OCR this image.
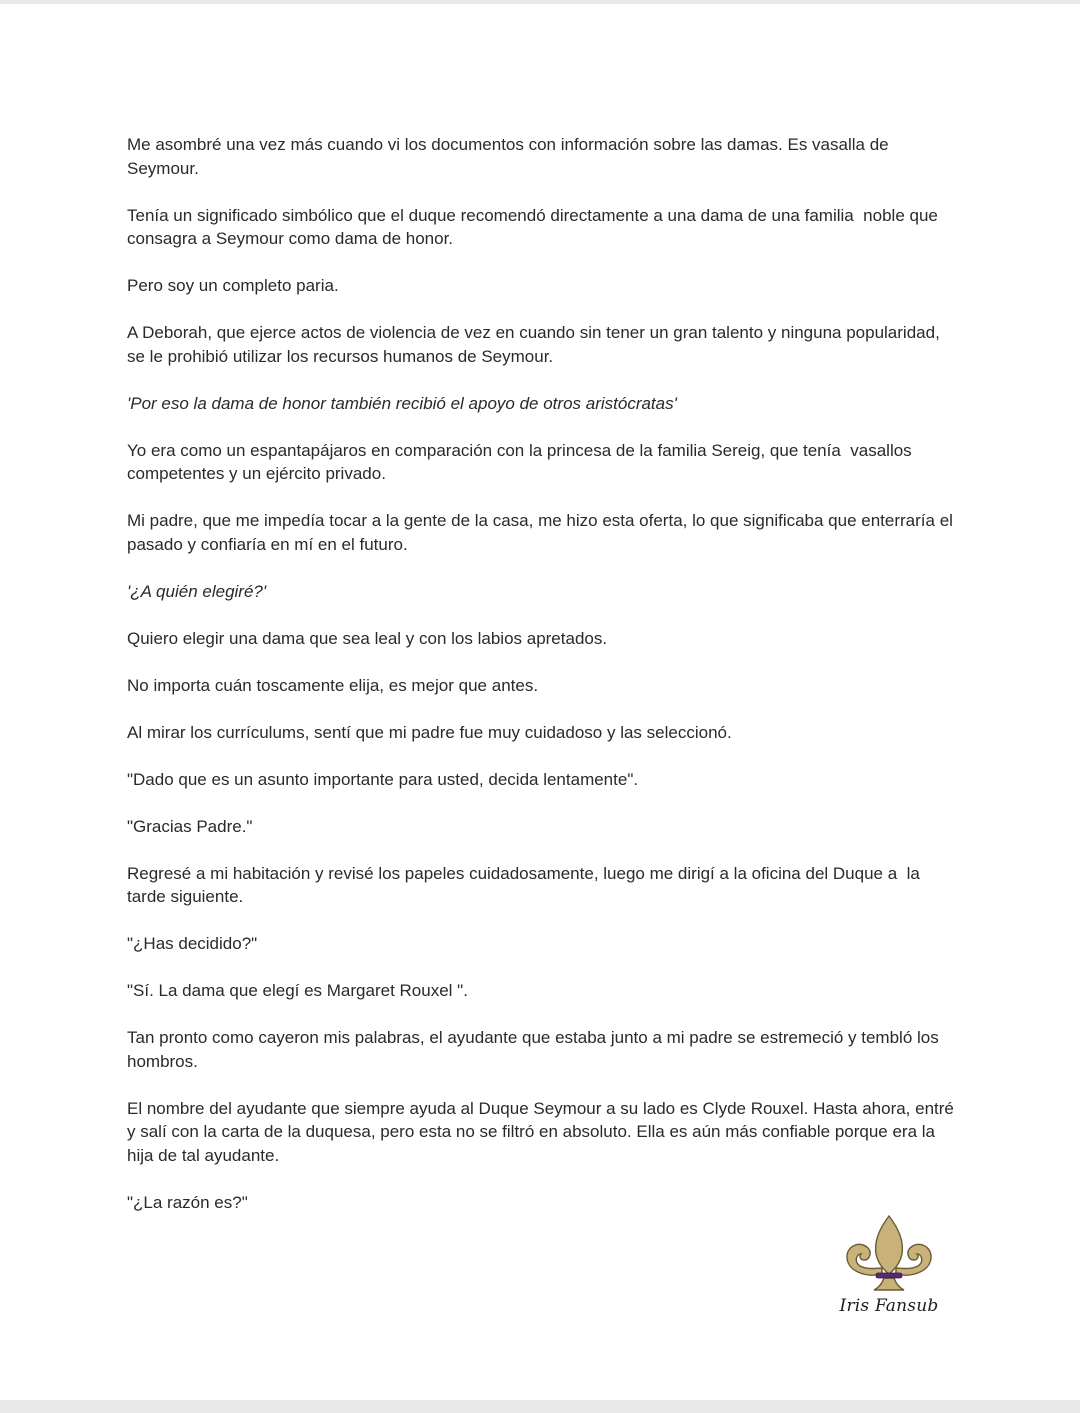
Me asombré una vez más cuando vi los documentos con información sobre las damas. Es vasalla de Seymour.

Tenía un significado simbólico que el duque recomendó directamente a una dama de una familia  noble que consagra a Seymour como dama de honor.

Pero soy un completo paria.

A Deborah, que ejerce actos de violencia de vez en cuando sin tener un gran talento y ninguna popularidad, se le prohibió utilizar los recursos humanos de Seymour.

'Por eso la dama de honor también recibió el apoyo de otros aristócratas'

Yo era como un espantapájaros en comparación con la princesa de la familia Sereig, que tenía  vasallos competentes y un ejército privado.

Mi padre, que me impedía tocar a la gente de la casa, me hizo esta oferta, lo que significaba que enterraría el pasado y confiaría en mí en el futuro.

'¿A quién elegiré?'

Quiero elegir una dama que sea leal y con los labios apretados.

No importa cuán toscamente elija, es mejor que antes.

Al mirar los currículums, sentí que mi padre fue muy cuidadoso y las seleccionó.

"Dado que es un asunto importante para usted, decida lentamente".

"Gracias Padre."

Regresé a mi habitación y revisé los papeles cuidadosamente, luego me dirigí a la oficina del Duque a  la tarde siguiente.

"¿Has decidido?"

"Sí. La dama que elegí es Margaret Rouxel ".

Tan pronto como cayeron mis palabras, el ayudante que estaba junto a mi padre se estremeció y tembló los hombros.

El nombre del ayudante que siempre ayuda al Duque Seymour a su lado es Clyde Rouxel. Hasta ahora, entré y salí con la carta de la duquesa, pero esta no se filtró en absoluto. Ella es aún más confiable porque era la hija de tal ayudante.

"¿La razón es?"

Iris Fansub
